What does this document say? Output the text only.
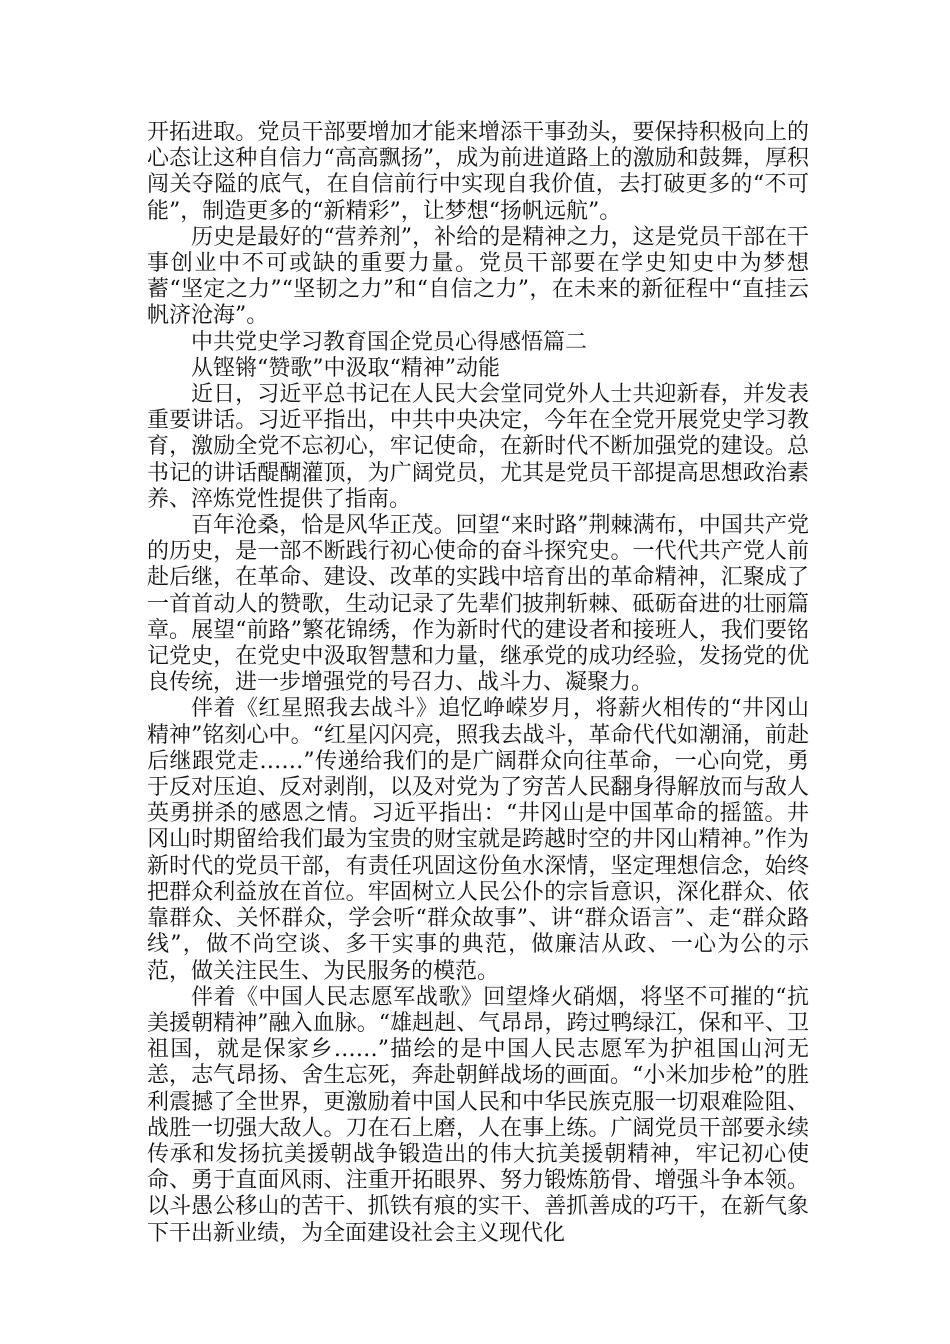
开拓进取。党员干部要增加才能来增添干事劲头，要保持积极向上的心态让这种自信力“高高飘扬”，成为前进道路上的激励和鼓舞，厚积闯关夺隘的底气，在自信前行中实现自我价值，去打破更多的“不可能”，制造更多的“新精彩”，让梦想“扬帆远航”。

历史是最好的“营养剂”，补给的是精神之力，这是党员干部在干事创业中不可或缺的重要力量。党员干部要在学史知史中为梦想蓄“坚定之力”“坚韧之力”和“自信之力”，在未来的新征程中“直挂云帆济沧海”。

中共党史学习教育国企党员心得感悟篇二

从铿锵“赞歌”中汲取“精神”动能

近日，习近平总书记在人民大会堂同党外人士共迎新春，并发表重要讲话。习近平指出，中共中央决定，今年在全党开展党史学习教育，激励全党不忘初心，牢记使命，在新时代不断加强党的建设。总书记的讲话醍醐灌顶，为广阔党员，尤其是党员干部提高思想政治素养、淬炼党性提供了指南。

百年沧桑，恰是风华正茂。回望“来时路”荆棘满布，中国共产党的历史，是一部不断践行初心使命的奋斗探究史。一代代共产党人前赴后继，在革命、建设、改革的实践中培育出的革命精神，汇聚成了一首首动人的赞歌，生动记录了先辈们披荆斩棘、砥砺奋进的壮丽篇章。展望“前路”繁花锦绣，作为新时代的建设者和接班人，我们要铭记党史，在党史中汲取智慧和力量，继承党的成功经验，发扬党的优良传统，进一步增强党的号召力、战斗力、凝聚力。

伴着《红星照我去战斗》追忆峥嵘岁月，将薪火相传的“井冈山精神”铭刻心中。“红星闪闪亮，照我去战斗，革命代代如潮涌，前赴后继跟党走……”传递给我们的是广阔群众向往革命，一心向党，勇于反对压迫、反对剥削，以及对党为了穷苦人民翻身得解放而与敌人英勇拼杀的感恩之情。习近平指出：“井冈山是中国革命的摇篮。井冈山时期留给我们最为宝贵的财宝就是跨越时空的井冈山精神。”作为新时代的党员干部，有责任巩固这份鱼水深情，坚定理想信念，始终把群众利益放在首位。牢固树立人民公仆的宗旨意识，深化群众、依靠群众、关怀群众，学会听“群众故事”、讲“群众语言”、走“群众路线”，做不尚空谈、多干实事的典范，做廉洁从政、一心为公的示范，做关注民生、为民服务的模范。

伴着《中国人民志愿军战歌》回望烽火硝烟，将坚不可摧的“抗美援朝精神”融入血脉。“雄赳赳、气昂昂，跨过鸭绿江，保和平、卫祖国，就是保家乡……”描绘的是中国人民志愿军为护祖国山河无恙，志气昂扬、舍生忘死，奔赴朝鲜战场的画面。“小米加步枪”的胜利震撼了全世界，更激励着中国人民和中华民族克服一切艰难险阻、战胜一切强大敌人。刀在石上磨，人在事上练。广阔党员干部要永续传承和发扬抗美援朝战争锻造出的伟大抗美援朝精神，牢记初心使命、勇于直面风雨、注重开拓眼界、努力锻炼筋骨、增强斗争本领。以斗愚公移山的苦干、抓铁有痕的实干、善抓善成的巧干，在新气象下干出新业绩，为全面建设社会主义现代化
